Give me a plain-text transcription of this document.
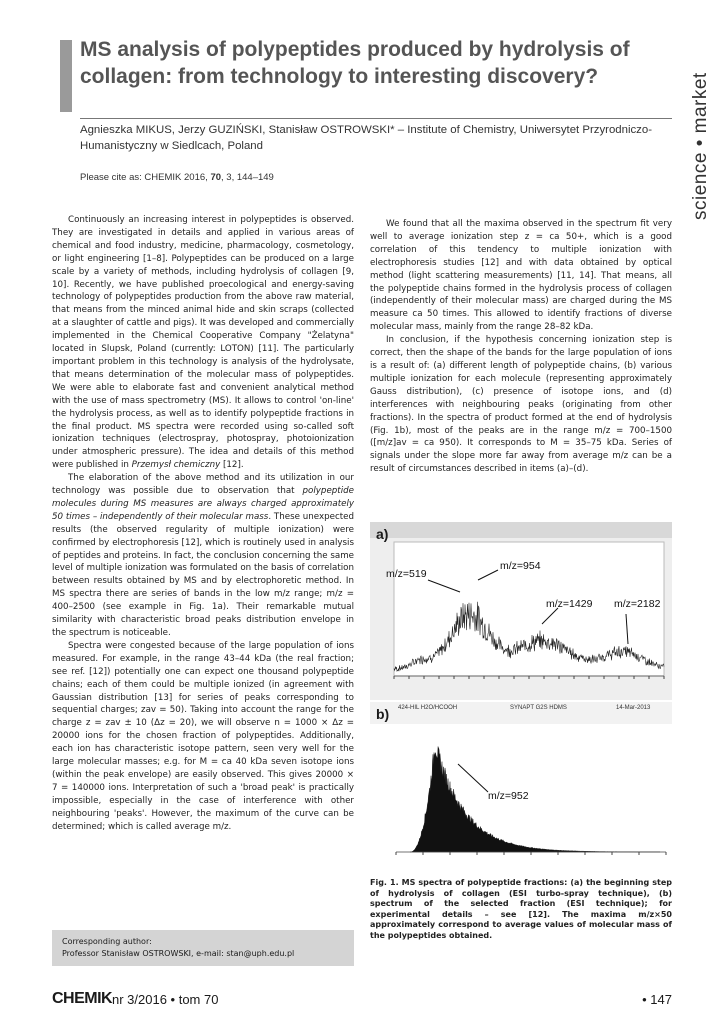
MS analysis of polypeptides produced by hydrolysis of collagen: from technology to interesting discovery?	science • market

Agnieszka MIKUS, Jerzy GUZIŃSKI, Stanisław OSTROWSKI* – Institute of Chemistry, Uniwersytet Przyrodniczo-Humanistyczny w Siedlcach, Poland

Please cite as: CHEMIK 2016, 70, 3, 144–149

Continuously an increasing interest in polypeptides is observed. They are investigated in details and applied in various areas of chemical and food industry, medicine, pharmacology, cosmetology, or light engineering [1–8]. Polypeptides can be produced on a large scale by a variety of methods, including hydrolysis of collagen [9, 10]. Recently, we have published proecological and energy-saving technology of polypeptides production from the above raw material, that means from the minced animal hide and skin scraps (collected at a slaughter of cattle and pigs). It was developed and commercially implemented in the Chemical Cooperative Company "Żelatyna" located in Slupsk, Poland (currently: LOTON) [11]. The particularly important problem in this technology is analysis of the hydrolysate, that means determination of the molecular mass of polypeptides. We were able to elaborate fast and convenient analytical method with the use of mass spectrometry (MS). It allows to control 'on-line' the hydrolysis process, as well as to identify polypeptide fractions in the final product. MS spectra were recorded using so-called soft ionization techniques (electrospray, photospray, photoionization under atmospheric pressure). The idea and details of this method were published in Przemysł chemiczny [12].

The elaboration of the above method and its utilization in our technology was possible due to observation that polypeptide molecules during MS measures are always charged approximately 50 times – independently of their molecular mass. These unexpected results (the observed regularity of multiple ionization) were confirmed by electrophoresis [12], which is routinely used in analysis of peptides and proteins. In fact, the conclusion concerning the same level of multiple ionization was formulated on the basis of correlation between results obtained by MS and by electrophoretic method. In MS spectra there are series of bands in the low m/z range; m/z = 400–2500 (see example in Fig. 1a). Their remarkable mutual similarity with characteristic broad peaks distribution envelope in the spectrum is noticeable.

Spectra were congested because of the large population of ions measured. For example, in the range 43–44 kDa (the real fraction; see ref. [12]) potentially one can expect one thousand polypeptide chains; each of them could be multiple ionized (in agreement with Gaussian distribution [13] for series of peaks corresponding to sequential charges; zav = 50). Taking into account the range for the charge z = zav ± 10 (Δz = 20), we will observe n = 1000 × Δz = 20000 ions for the chosen fraction of polypeptides. Additionally, each ion has characteristic isotope pattern, seen very well for the large molecular masses; e.g. for M = ca 40 kDa seven isotope ions (within the peak envelope) are easily observed. This gives 20000 × 7 = 140000 ions. Interpretation of such a 'broad peak' is practically impossible, especially in the case of interference with other neighbouring 'peaks'. However, the maximum of the curve can be determined; which is called average m/z.

Corresponding author:
Professor Stanisław OSTROWSKI, e-mail: stan@uph.edu.pl

We found that all the maxima observed in the spectrum fit very well to average ionization step z = ca 50+, which is a good correlation of this tendency to multiple ionization with electrophoresis studies [12] and with data obtained by optical method (light scattering measurements) [11, 14]. That means, all the polypeptide chains formed in the hydrolysis process of collagen (independently of their molecular mass) are charged during the MS measure ca 50 times. This allowed to identify fractions of diverse molecular mass, mainly from the range 28–82 kDa.

In conclusion, if the hypothesis concerning ionization step is correct, then the shape of the bands for the large population of ions is a result of: (a) different length of polypeptide chains, (b) various multiple ionization for each molecule (representing approximately Gauss distribution), (c) presence of isotope ions, and (d) interferences with neighbouring peaks (originating from other fractions). In the spectra of product formed at the end of hydrolysis (Fig. 1b), most of the peaks are in the range m/z = 700–1500 ([m/z]av = ca 950). It corresponds to M = 35–75 kDa. Series of signals under the slope more far away from average m/z can be a result of circumstances described in items (a)–(d).

a)
m/z=519
m/z=954
m/z=1429 m/z=2182
b) 424-HIL H2O/HCOOH	SYNAPT G2S HDMS	14-Mar-2013
m/z=952

Fig. 1. MS spectra of polypeptide fractions: (a) the beginning step of hydrolysis of collagen (ESI turbo-spray technique), (b) spectrum of the selected fraction (ESI technique); for experimental details – see [12]. The maxima m/z×50 approximately correspond to average values of molecular mass of the polypeptides obtained.

CHEMIK nr 3/2016 • tom 70	• 147
